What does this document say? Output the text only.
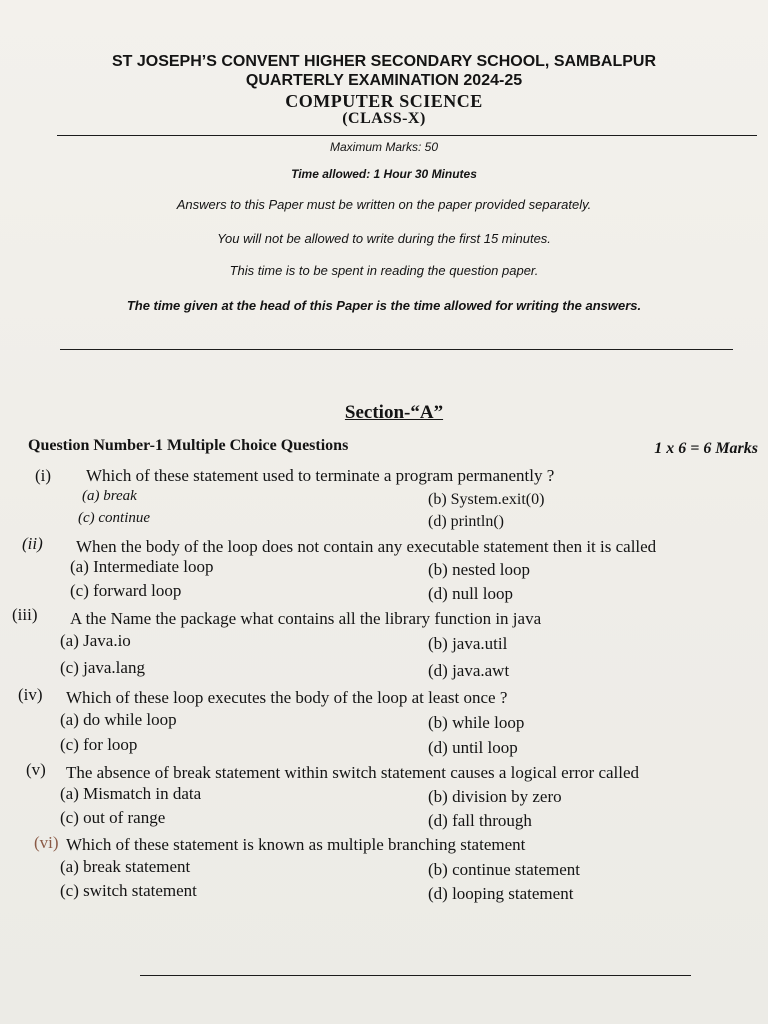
ST JOSEPH’S CONVENT HIGHER SECONDARY SCHOOL, SAMBALPUR
QUARTERLY EXAMINATION 2024-25
COMPUTER SCIENCE
(CLASS-X)
Maximum Marks: 50
Time allowed: 1 Hour 30 Minutes
Answers to this Paper must be written on the paper provided separately.
You will not be allowed to write during the first 15 minutes.
This time is to be spent in reading the question paper.
The time given at the head of this Paper is the time allowed for writing the answers.
Section-“A”
Question Number-1 Multiple Choice Questions	1 x 6 = 6 Marks
(i) Which of these statement used to terminate a program permanently ?
(a) break	(b) System.exit(0)
(c) continue	(d) println()
(ii) When the body of the loop does not contain any executable statement then it is called
(a) Intermediate loop	(b) nested loop
(c) forward loop	(d) null loop
(iii) A the Name the package what contains all the library function in java
(a) Java.io	(b) java.util
(c) java.lang	(d) java.awt
(iv) Which of these loop executes the body of the loop at least once ?
(a) do while loop	(b) while loop
(c) for loop	(d) until loop
(v) The absence of break statement within switch statement causes a logical error called
(a) Mismatch in data	(b) division by zero
(c) out of range	(d) fall through
(vi) Which of these statement is known as multiple branching statement
(a) break statement	(b) continue statement
(c) switch statement	(d) looping statement
